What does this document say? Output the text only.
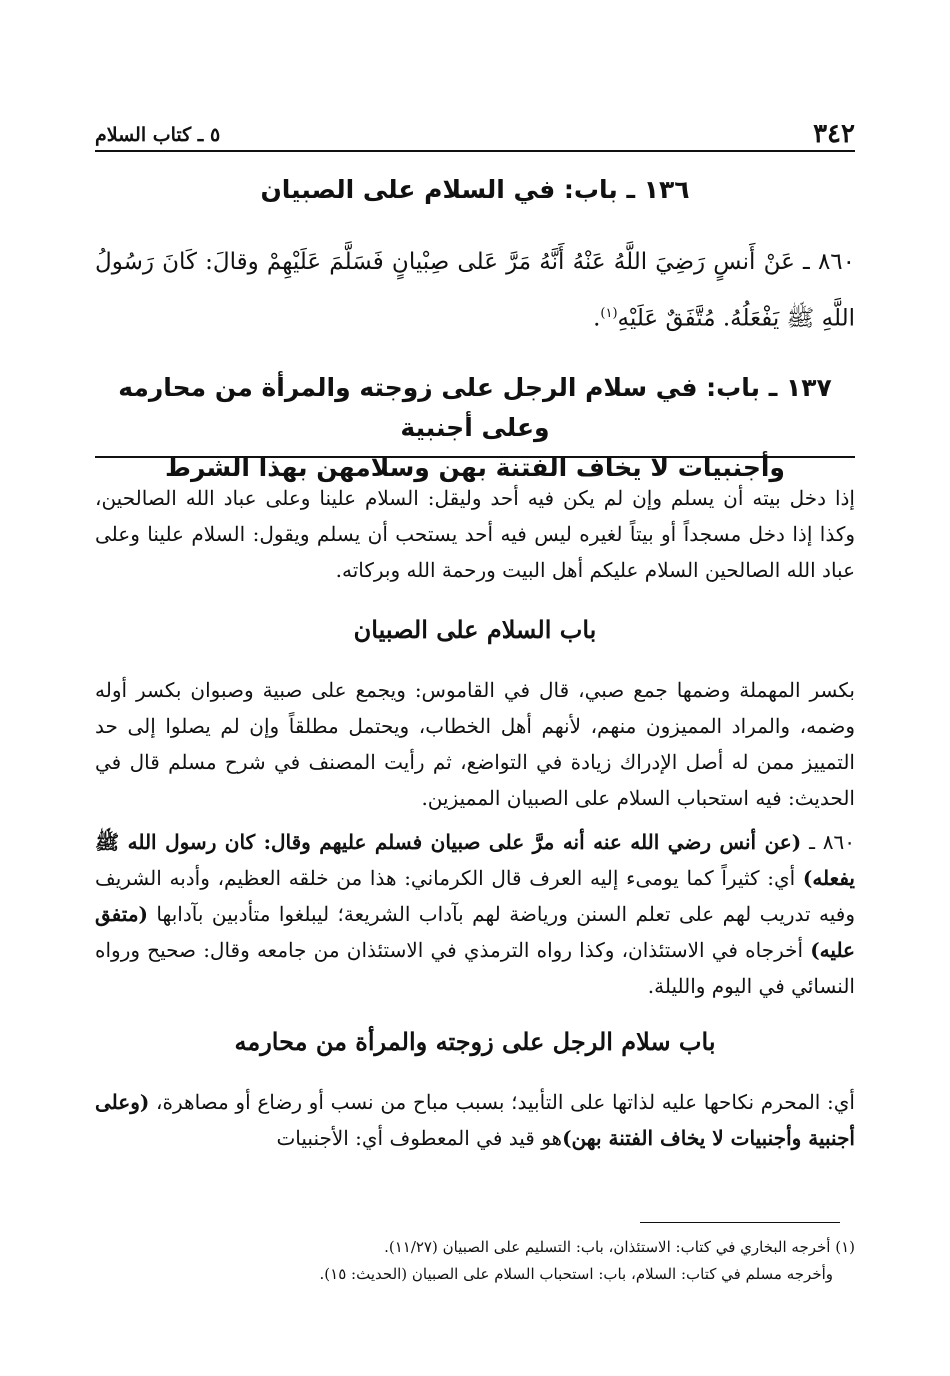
٣٤٢
٥ ـ كتاب السلام
١٣٦ ـ باب: في السلام على الصبيان
٨٦٠ ـ عَنْ أَنسٍ رَضِيَ اللَّهُ عَنْهُ أَنَّهُ مَرَّ عَلى صِبْيانٍ فَسَلَّمَ عَلَيْهِمْ وقالَ: كَانَ رَسُولُ اللَّهِ ﷺ يَفْعَلُهُ. مُتَّفَقٌ عَلَيْهِ$^{(١)}$.
١٣٧ ـ باب: في سلام الرجل على زوجته والمرأة من محارمه وعلى أجنبية
وأجنبيات لا يخاف الفتنة بهن وسلامهن بهذا الشرط

إذا دخل بيته أن يسلم وإن لم يكن فيه أحد وليقل: السلام علينا وعلى عباد الله الصالحين، وكذا إذا دخل مسجداً أو بيتاً لغيره ليس فيه أحد يستحب أن يسلم ويقول: السلام علينا وعلى عباد الله الصالحين السلام عليكم أهل البيت ورحمة الله وبركاته.

باب السلام على الصبيان

بكسر المهملة وضمها جمع صبي، قال في القاموس: ويجمع على صبية وصبوان بكسر أوله وضمه، والمراد المميزون منهم، لأنهم أهل الخطاب، ويحتمل مطلقاً وإن لم يصلوا إلى حد التمييز ممن له أصل الإدراك زيادة في التواضع، ثم رأيت المصنف في شرح مسلم قال في الحديث: فيه استحباب السلام على الصبيان المميزين.

٨٦٠ ـ (عن أنس رضي الله عنه أنه مرَّ على صبيان فسلم عليهم وقال: كان رسول الله ﷺ يفعله) أي: كثيراً كما يومىء إليه العرف قال الكرماني: هذا من خلقه العظيم، وأدبه الشريف وفيه تدريب لهم على تعلم السنن ورياضة لهم بآداب الشريعة؛ ليبلغوا متأدبين بآدابها (متفق عليه) أخرجاه في الاستئذان، وكذا رواه الترمذي في الاستئذان من جامعه وقال: صحيح ورواه النسائي في اليوم والليلة.

باب سلام الرجل على زوجته والمرأة من محارمه

أي: المحرم نكاحها عليه لذاتها على التأبيد؛ بسبب مباح من نسب أو رضاع أو مصاهرة، (وعلى أجنبية وأجنبيات لا يخاف الفتنة بهن)هو قيد في المعطوف أي: الأجنبيات

(١) أخرجه البخاري في كتاب: الاستئذان، باب: التسليم على الصبيان (١١/٢٧).
وأخرجه مسلم في كتاب: السلام، باب: استحباب السلام على الصبيان (الحديث: ١٥).
